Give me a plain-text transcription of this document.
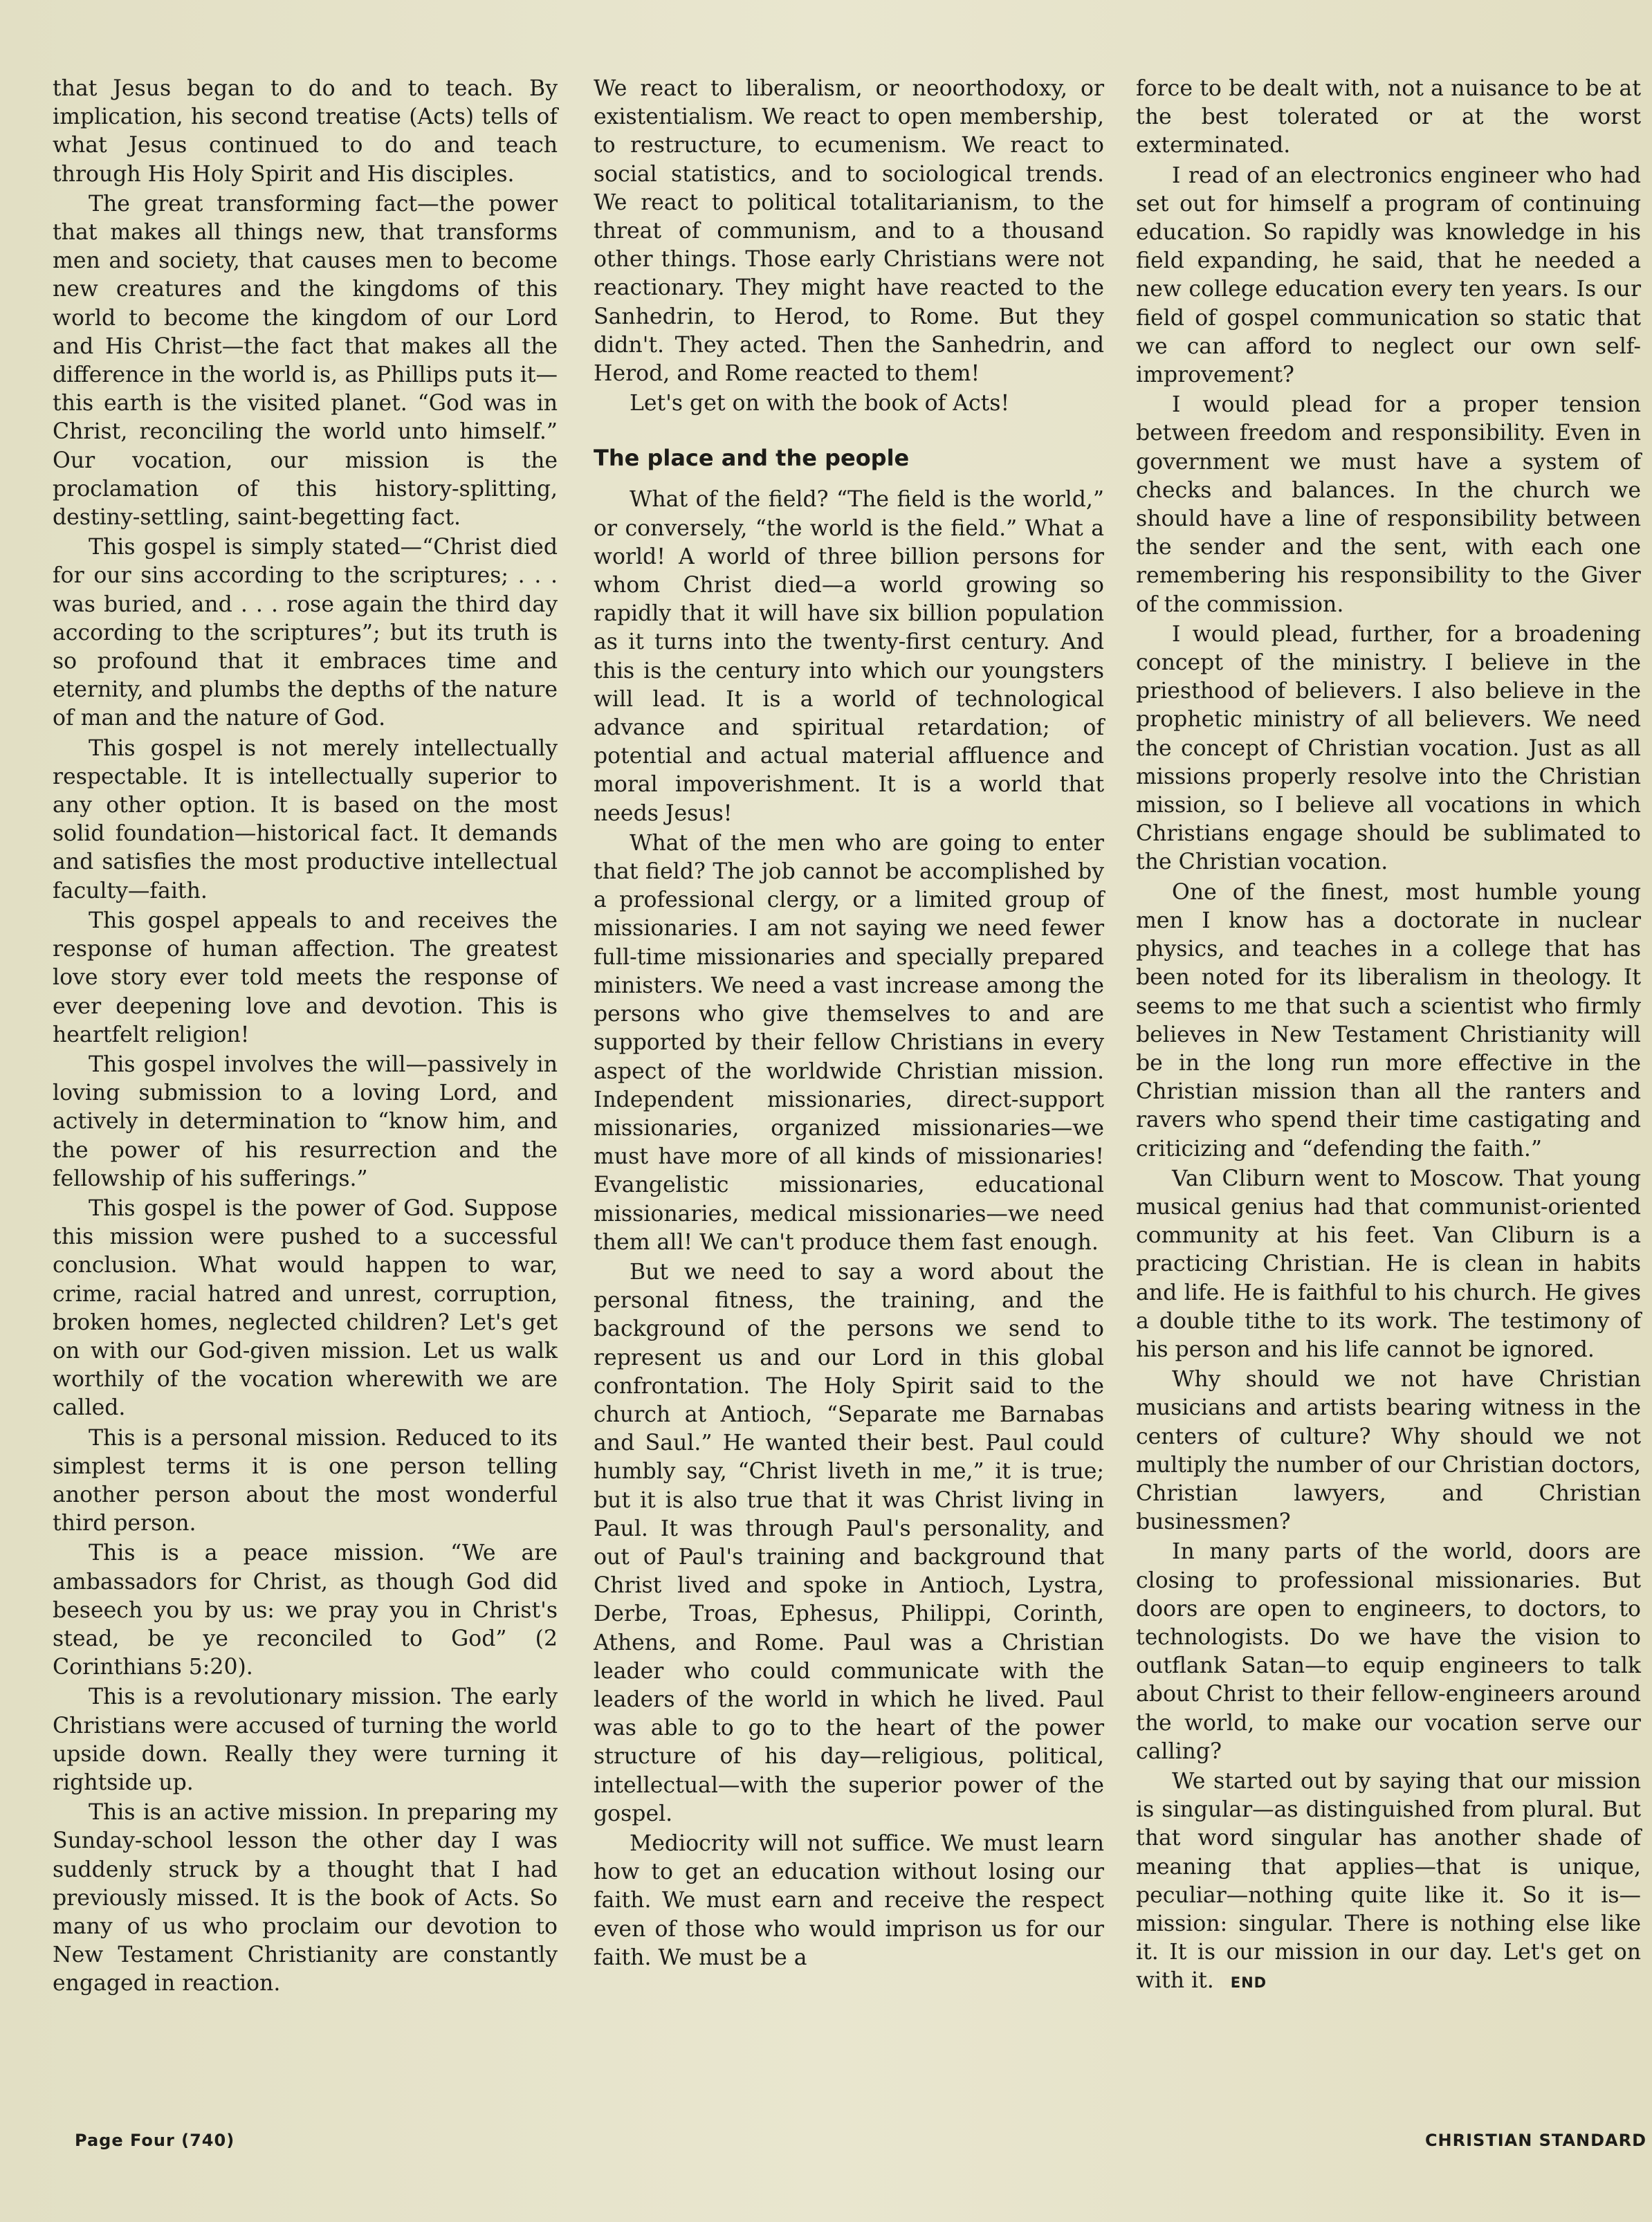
that Jesus began to do and to teach. By implication, his second treatise (Acts) tells of what Jesus continued to do and teach through His Holy Spirit and His disciples.

The great transforming fact—the power that makes all things new, that transforms men and society, that causes men to become new creatures and the kingdoms of this world to become the kingdom of our Lord and His Christ—the fact that makes all the difference in the world is, as Phillips puts it—this earth is the visited planet. “God was in Christ, reconciling the world unto himself.” Our vocation, our mission is the proclamation of this history-splitting, destiny-settling, saint-begetting fact.

This gospel is simply stated—“Christ died for our sins according to the scriptures; . . . was buried, and . . . rose again the third day according to the scriptures”; but its truth is so profound that it embraces time and eternity, and plumbs the depths of the nature of man and the nature of God.

This gospel is not merely intellectually respectable. It is intellectually superior to any other option. It is based on the most solid foundation—historical fact. It demands and satisfies the most productive intellectual faculty—faith.

This gospel appeals to and receives the response of human affection. The greatest love story ever told meets the response of ever deepening love and devotion. This is heartfelt religion!

This gospel involves the will—passively in loving submission to a loving Lord, and actively in determination to “know him, and the power of his resurrection and the fellowship of his sufferings.”

This gospel is the power of God. Suppose this mission were pushed to a successful conclusion. What would happen to war, crime, racial hatred and unrest, corruption, broken homes, neglected children? Let's get on with our God-given mission. Let us walk worthily of the vocation wherewith we are called.

This is a personal mission. Reduced to its simplest terms it is one person telling another person about the most wonderful third person.

This is a peace mission. “We are ambassadors for Christ, as though God did beseech you by us: we pray you in Christ's stead, be ye reconciled to God” (2 Corinthians 5:20).

This is a revolutionary mission. The early Christians were accused of turning the world upside down. Really they were turning it rightside up.

This is an active mission. In preparing my Sunday-school lesson the other day I was suddenly struck by a thought that I had previously missed. It is the book of Acts. So many of us who proclaim our devotion to New Testament Christianity are constantly engaged in reaction.

We react to liberalism, or neoorthodoxy, or existentialism. We react to open membership, to restructure, to ecumenism. We react to social statistics, and to sociological trends. We react to political totalitarianism, to the threat of communism, and to a thousand other things. Those early Christians were not reactionary. They might have reacted to the Sanhedrin, to Herod, to Rome. But they didn't. They acted. Then the Sanhedrin, and Herod, and Rome reacted to them!

Let's get on with the book of Acts!

The place and the people

What of the field? “The field is the world,” or conversely, “the world is the field.” What a world! A world of three billion persons for whom Christ died—a world growing so rapidly that it will have six billion population as it turns into the twenty-first century. And this is the century into which our youngsters will lead. It is a world of technological advance and spiritual retardation; of potential and actual material affluence and moral impoverishment. It is a world that needs Jesus!

What of the men who are going to enter that field? The job cannot be accomplished by a professional clergy, or a limited group of missionaries. I am not saying we need fewer full-time missionaries and specially prepared ministers. We need a vast increase among the persons who give themselves to and are supported by their fellow Christians in every aspect of the worldwide Christian mission. Independent missionaries, direct-support missionaries, organized missionaries—we must have more of all kinds of missionaries! Evangelistic missionaries, educational missionaries, medical missionaries—we need them all! We can't produce them fast enough.

But we need to say a word about the personal fitness, the training, and the background of the persons we send to represent us and our Lord in this global confrontation. The Holy Spirit said to the church at Antioch, “Separate me Barnabas and Saul.” He wanted their best. Paul could humbly say, “Christ liveth in me,” it is true; but it is also true that it was Christ living in Paul. It was through Paul's personality, and out of Paul's training and background that Christ lived and spoke in Antioch, Lystra, Derbe, Troas, Ephesus, Philippi, Corinth, Athens, and Rome. Paul was a Christian leader who could communicate with the leaders of the world in which he lived. Paul was able to go to the heart of the power structure of his day—religious, political, intellectual—with the superior power of the gospel.

Mediocrity will not suffice. We must learn how to get an education without losing our faith. We must earn and receive the respect even of those who would imprison us for our faith. We must be a

force to be dealt with, not a nuisance to be at the best tolerated or at the worst exterminated.

I read of an electronics engineer who had set out for himself a program of continuing education. So rapidly was knowledge in his field expanding, he said, that he needed a new college education every ten years. Is our field of gospel communication so static that we can afford to neglect our own self-improvement?

I would plead for a proper tension between freedom and responsibility. Even in government we must have a system of checks and balances. In the church we should have a line of responsibility between the sender and the sent, with each one remembering his responsibility to the Giver of the commission.

I would plead, further, for a broadening concept of the ministry. I believe in the priesthood of believers. I also believe in the prophetic ministry of all believers. We need the concept of Christian vocation. Just as all missions properly resolve into the Christian mission, so I believe all vocations in which Christians engage should be sublimated to the Christian vocation.

One of the finest, most humble young men I know has a doctorate in nuclear physics, and teaches in a college that has been noted for its liberalism in theology. It seems to me that such a scientist who firmly believes in New Testament Christianity will be in the long run more effective in the Christian mission than all the ranters and ravers who spend their time castigating and criticizing and “defending the faith.”

Van Cliburn went to Moscow. That young musical genius had that communist-oriented community at his feet. Van Cliburn is a practicing Christian. He is clean in habits and life. He is faithful to his church. He gives a double tithe to its work. The testimony of his person and his life cannot be ignored.

Why should we not have Christian musicians and artists bearing witness in the centers of culture? Why should we not multiply the number of our Christian doctors, Christian lawyers, and Christian businessmen?

In many parts of the world, doors are closing to professional missionaries. But doors are open to engineers, to doctors, to technologists. Do we have the vision to outflank Satan—to equip engineers to talk about Christ to their fellow-engineers around the world, to make our vocation serve our calling?

We started out by saying that our mission is singular—as distinguished from plural. But that word singular has another shade of meaning that applies—that is unique, peculiar—nothing quite like it. So it is—mission: singular. There is nothing else like it. It is our mission in our day. Let's get on with it. END

Page Four (740)	CHRISTIAN STANDARD
